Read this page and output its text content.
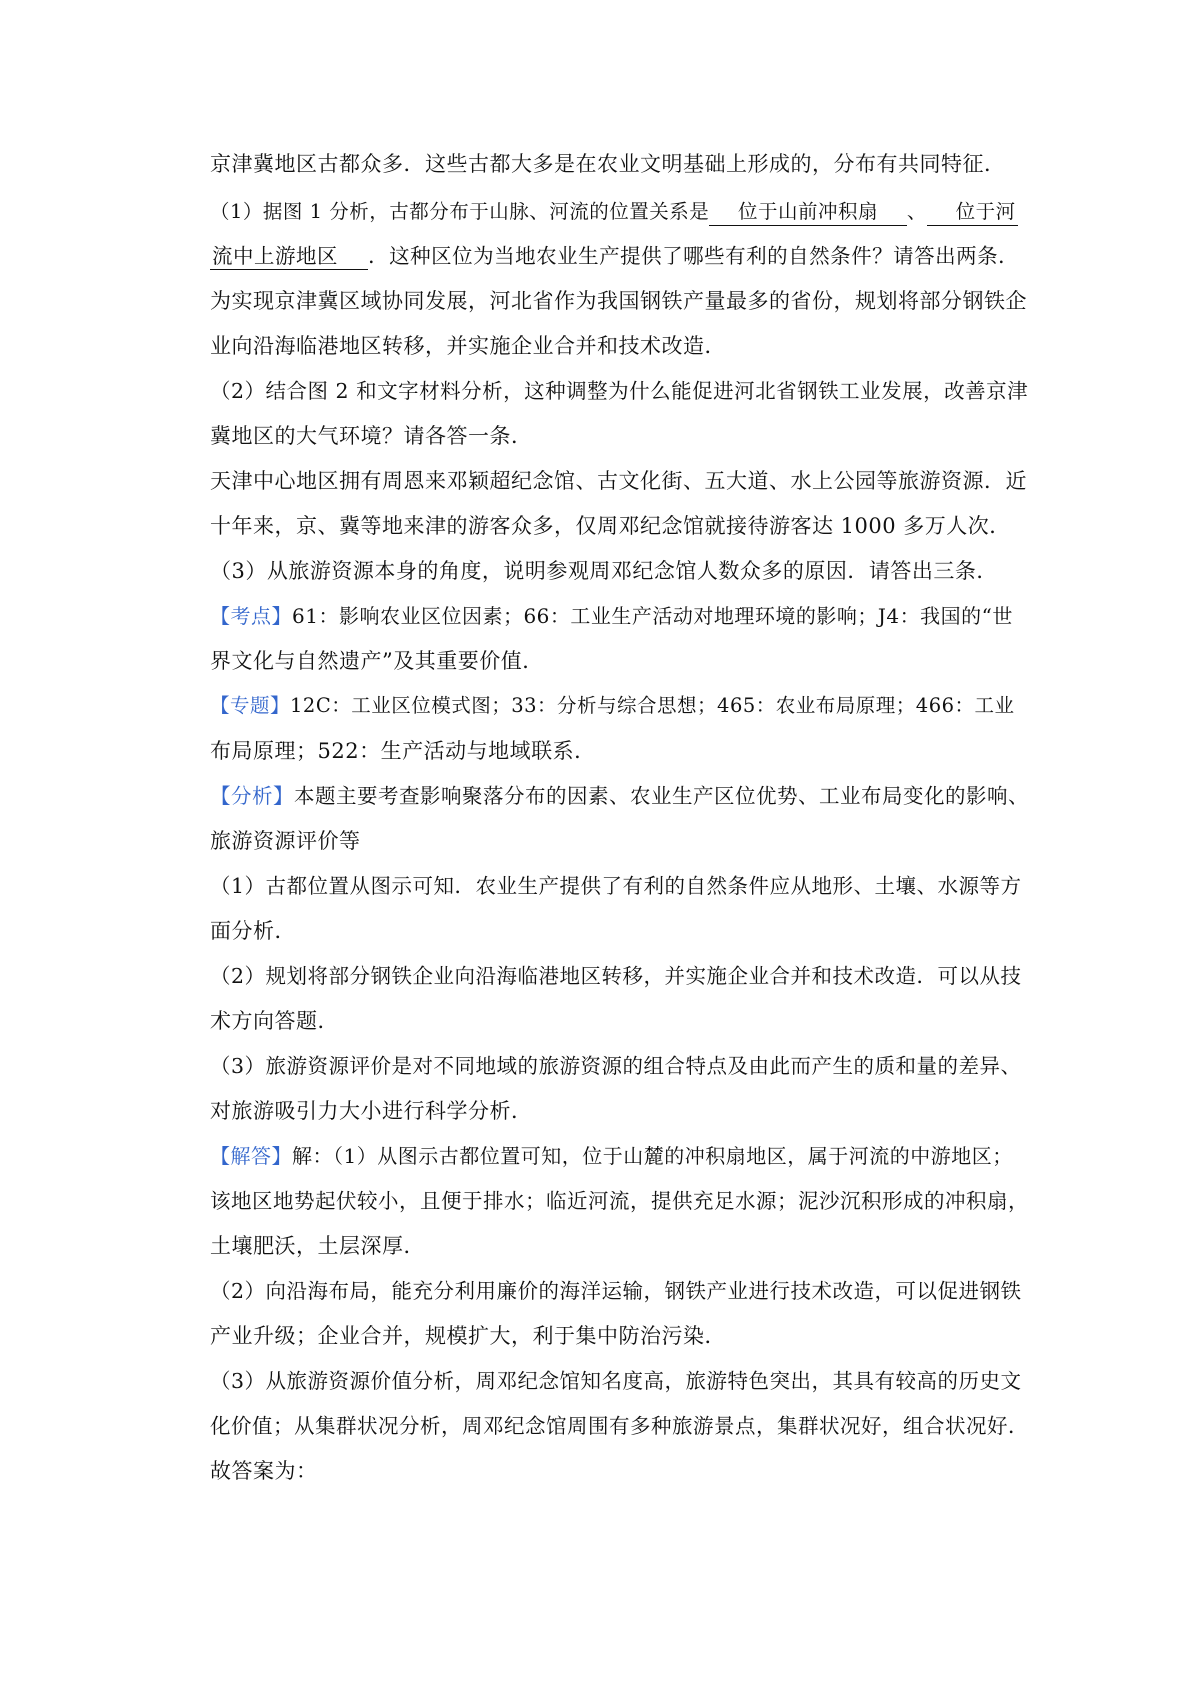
京津冀地区古都众多．这些古都大多是在农业文明基础上形成的，分布有共同特征．
（1）据图 1 分析，古都分布于山脉、河流的位置关系是    位于山前冲积扇    、    位于河
流中上游地区    ．这种区位为当地农业生产提供了哪些有利的自然条件？请答出两条．
为实现京津冀区域协同发展，河北省作为我国钢铁产量最多的省份，规划将部分钢铁企
业向沿海临港地区转移，并实施企业合并和技术改造．
（2）结合图 2 和文字材料分析，这种调整为什么能促进河北省钢铁工业发展，改善京津
冀地区的大气环境？请各答一条．
天津中心地区拥有周恩来邓颖超纪念馆、古文化街、五大道、水上公园等旅游资源．近
十年来，京、冀等地来津的游客众多，仅周邓纪念馆就接待游客达 1000 多万人次．
（3）从旅游资源本身的角度，说明参观周邓纪念馆人数众多的原因．请答出三条．
【考点】61：影响农业区位因素；66：工业生产活动对地理环境的影响；J4：我国的“世
界文化与自然遗产”及其重要价值．
【专题】12C：工业区位模式图；33：分析与综合思想；465：农业布局原理；466：工业
布局原理；522：生产活动与地域联系．
【分析】本题主要考查影响聚落分布的因素、农业生产区位优势、工业布局变化的影响、
旅游资源评价等
（1）古都位置从图示可知．农业生产提供了有利的自然条件应从地形、土壤、水源等方
面分析．
（2）规划将部分钢铁企业向沿海临港地区转移，并实施企业合并和技术改造．可以从技
术方向答题．
（3）旅游资源评价是对不同地域的旅游资源的组合特点及由此而产生的质和量的差异、
对旅游吸引力大小进行科学分析．
【解答】解：（1）从图示古都位置可知，位于山麓的冲积扇地区，属于河流的中游地区；
该地区地势起伏较小，且便于排水；临近河流，提供充足水源；泥沙沉积形成的冲积扇，
土壤肥沃，土层深厚．
（2）向沿海布局，能充分利用廉价的海洋运输，钢铁产业进行技术改造，可以促进钢铁
产业升级；企业合并，规模扩大，利于集中防治污染．
（3）从旅游资源价值分析，周邓纪念馆知名度高，旅游特色突出，其具有较高的历史文
化价值；从集群状况分析，周邓纪念馆周围有多种旅游景点，集群状况好，组合状况好．
故答案为：
